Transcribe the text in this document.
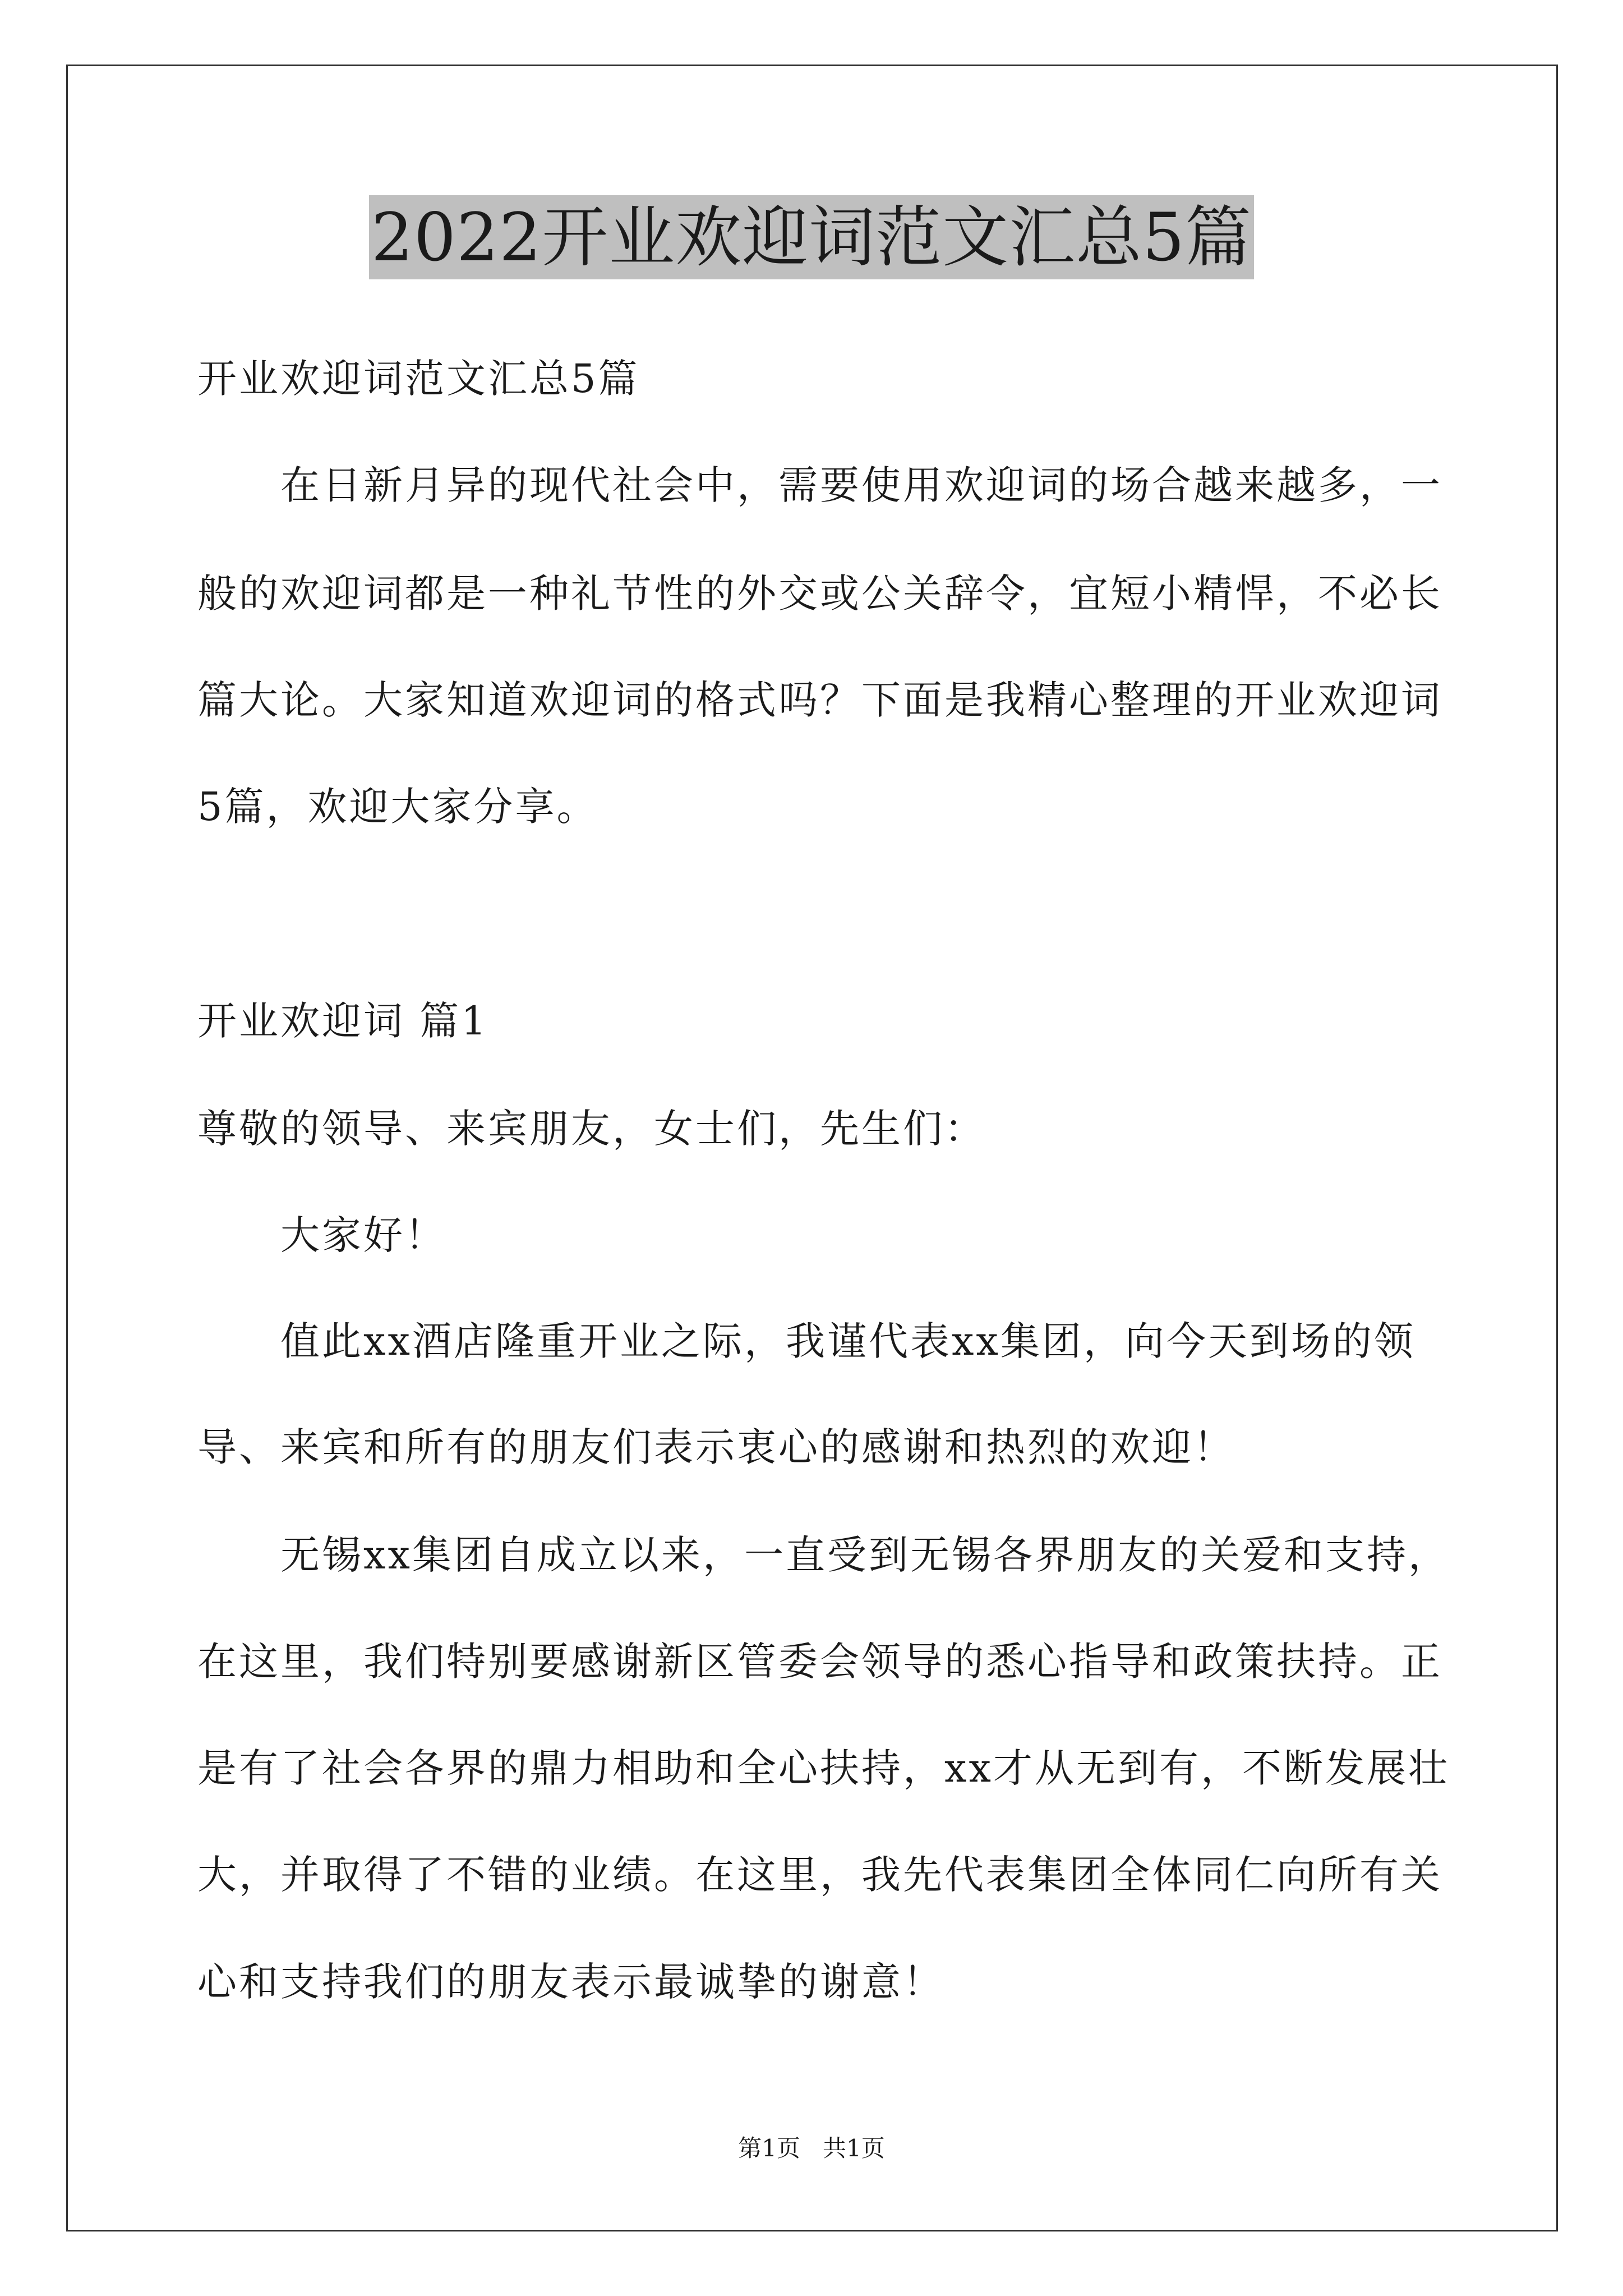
2022开业欢迎词范文汇总5篇
开业欢迎词范文汇总5篇
在日新月异的现代社会中，需要使用欢迎词的场合越来越多，一
般的欢迎词都是一种礼节性的外交或公关辞令，宜短小精悍，不必长
篇大论。大家知道欢迎词的格式吗？下面是我精心整理的开业欢迎词
5篇，欢迎大家分享。
开业欢迎词 篇1
尊敬的领导、来宾朋友，女士们，先生们：
大家好！
值此xx酒店隆重开业之际，我谨代表xx集团，向今天到场的领
导、来宾和所有的朋友们表示衷心的感谢和热烈的欢迎！
无锡xx集团自成立以来，一直受到无锡各界朋友的关爱和支持，
在这里，我们特别要感谢新区管委会领导的悉心指导和政策扶持。正
是有了社会各界的鼎力相助和全心扶持，xx才从无到有，不断发展壮
大，并取得了不错的业绩。在这里，我先代表集团全体同仁向所有关
心和支持我们的朋友表示最诚挚的谢意！
第1页   共1页
